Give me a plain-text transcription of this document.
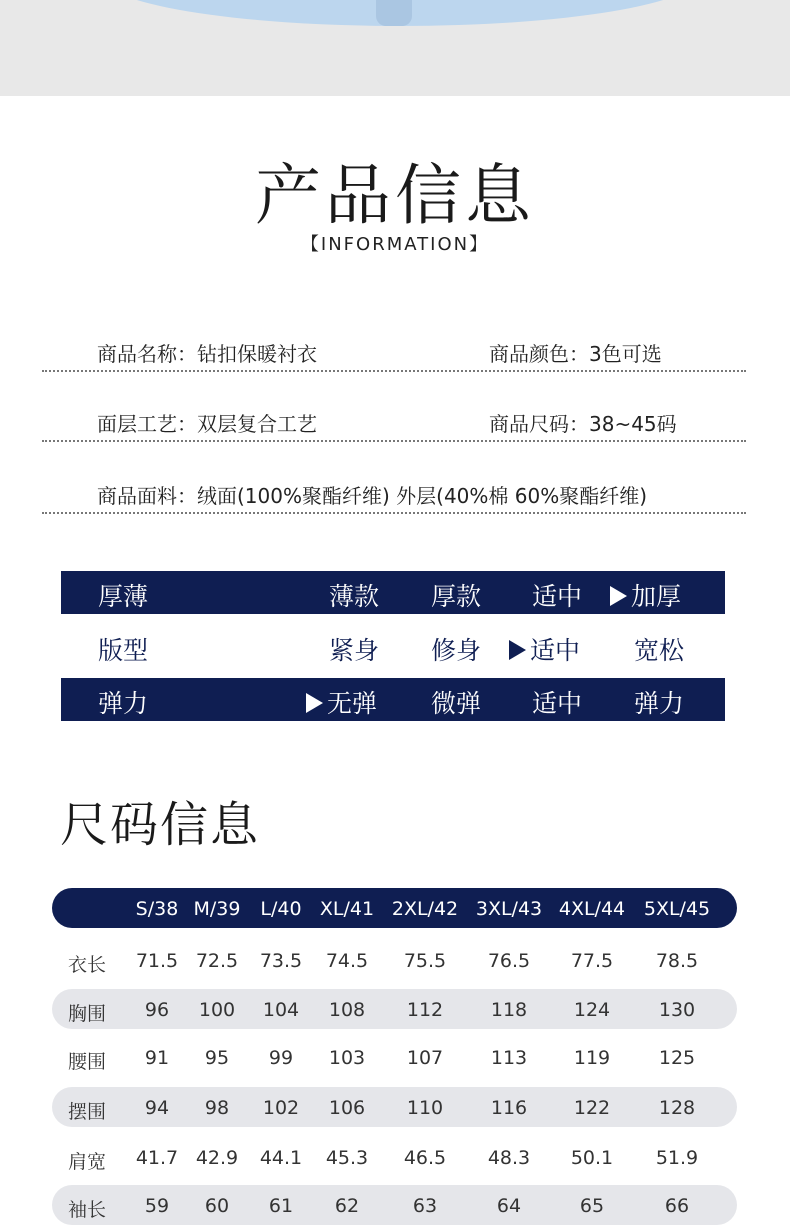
产品信息
【INFORMATION】
商品名称：钻扣保暖衬衣	商品颜色：3色可选
面层工艺：双层复合工艺	商品尺码：38~45码
商品面料：绒面(100%聚酯纤维) 外层(40%棉 60%聚酯纤维)
厚薄	薄款 厚款 适中	加厚
版型	紧身 修身	适中 宽松
弹力	无弹 微弹 适中 弹力
尺码信息
S/38 M/39 L/40 XL/41 2XL/42 3XL/43 4XL/44 5XL/45
衣长 71.5 72.5 73.5 74.5 75.5 76.5 77.5 78.5
胸围 96 100 104 108 112	118 124	130
腰围 91 95 99 103 107	113 119	125
摆围 94 98 102 106 110	116 122	128
肩宽 41.7 42.9 44.1 45.3 46.5 48.3 50.1 51.9
袖长 59 60 61 62	63	64	65	66
